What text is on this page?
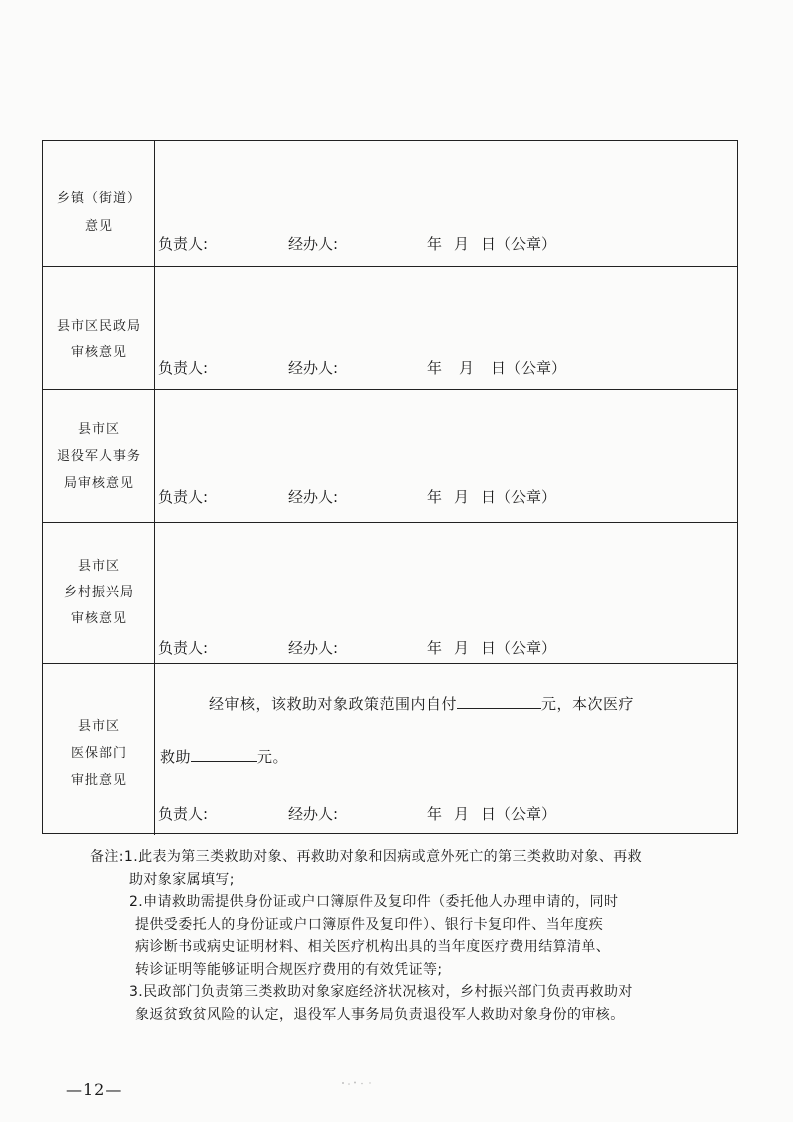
乡镇（街道）
意见
负责人:	经办人:	年 月 日（公章）
县市区民政局
审核意见
负责人:	经办人:	年 月 日（公章）
县市区
退役军人事务
局审核意见
负责人:	经办人:	年 月 日（公章）
县市区
乡村振兴局
审核意见
负责人:	经办人:	年 月 日（公章）
县市区
医保部门
审批意见
经审核，该救助对象政策范围内自付	元，本次医疗
救助	元。
负责人:	经办人:	年 月 日（公章）
备注:1.此表为第三类救助对象、再救助对象和因病或意外死亡的第三类救助对象、再救
助对象家属填写;
2.申请救助需提供身份证或户口簿原件及复印件（委托他人办理申请的，同时
提供受委托人的身份证或户口簿原件及复印件）、银行卡复印件、当年度疾
病诊断书或病史证明材料、相关医疗机构出具的当年度医疗费用结算清单、
转诊证明等能够证明合规医疗费用的有效凭证等;
3.民政部门负责第三类救助对象家庭经济状况核对，乡村振兴部门负责再救助对
象返贫致贫风险的认定，退役军人事务局负责退役军人救助对象身份的审核。
—12—
